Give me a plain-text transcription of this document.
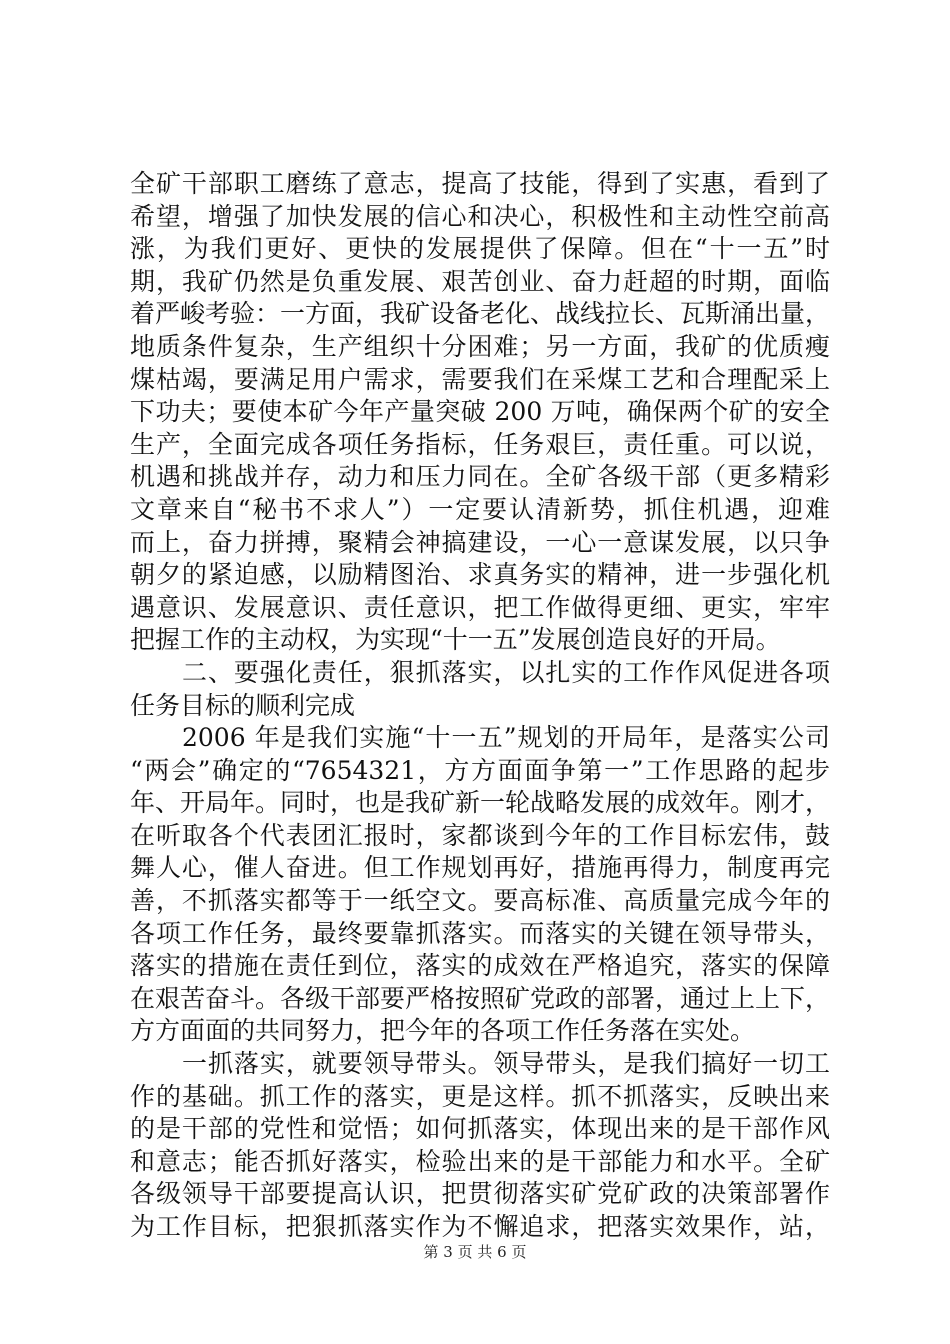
全矿干部职工磨练了意志，提高了技能，得到了实惠，看到了
希望，增强了加快发展的信心和决心，积极性和主动性空前高
涨，为我们更好、更快的发展提供了保障。但在“十一五”时
期，我矿仍然是负重发展、艰苦创业、奋力赶超的时期，面临
着严峻考验：一方面，我矿设备老化、战线拉长、瓦斯涌出量，
地质条件复杂，生产组织十分困难；另一方面，我矿的优质瘦
煤枯竭，要满足用户需求，需要我们在采煤工艺和合理配采上
下功夫；要使本矿今年产量突破 200 万吨，确保两个矿的安全
生产，全面完成各项任务指标，任务艰巨，责任重。可以说，
机遇和挑战并存，动力和压力同在。全矿各级干部（更多精彩
文章来自“秘书不求人”）一定要认清新势，抓住机遇，迎难
而上，奋力拼搏，聚精会神搞建设，一心一意谋发展，以只争
朝夕的紧迫感，以励精图治、求真务实的精神，进一步强化机
遇意识、发展意识、责任意识，把工作做得更细、更实，牢牢
把握工作的主动权，为实现“十一五”发展创造良好的开局。
二、要强化责任，狠抓落实，以扎实的工作作风促进各项
任务目标的顺利完成
2006 年是我们实施“十一五”规划的开局年，是落实公司
“两会”确定的“7654321，方方面面争第一”工作思路的起步
年、开局年。同时，也是我矿新一轮战略发展的成效年。刚才，
在听取各个代表团汇报时，家都谈到今年的工作目标宏伟，鼓
舞人心，催人奋进。但工作规划再好，措施再得力，制度再完
善，不抓落实都等于一纸空文。要高标准、高质量完成今年的
各项工作任务，最终要靠抓落实。而落实的关键在领导带头，
落实的措施在责任到位，落实的成效在严格追究，落实的保障
在艰苦奋斗。各级干部要严格按照矿党政的部署，通过上上下，
方方面面的共同努力，把今年的各项工作任务落在实处。
一抓落实，就要领导带头。领导带头，是我们搞好一切工
作的基础。抓工作的落实，更是这样。抓不抓落实，反映出来
的是干部的党性和觉悟；如何抓落实，体现出来的是干部作风
和意志；能否抓好落实，检验出来的是干部能力和水平。全矿
各级领导干部要提高认识，把贯彻落实矿党矿政的决策部署作
为工作目标，把狠抓落实作为不懈追求，把落实效果作，站，
第 3 页 共 6 页
